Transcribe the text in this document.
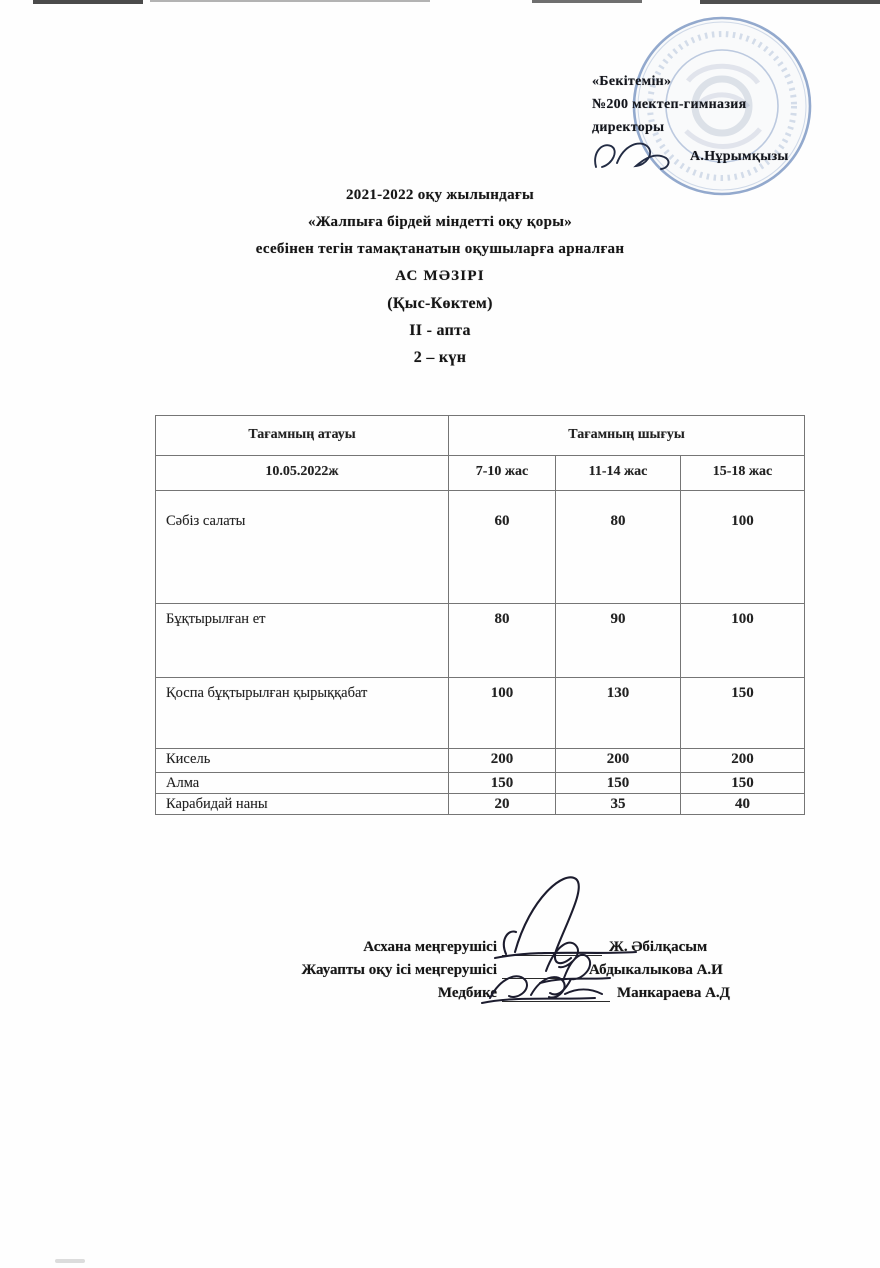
«Бекітемін»
№200 мектеп-гимназия
директоры
А.Нұрымқызы
2021-2022 оқу жылындағы
«Жалпыға бірдей міндетті оқу қоры»
есебінен тегін тамақтанатын оқушыларға арналған
АС МӘЗІРІ
(Қыс-Көктем)
II - апта
2 – күн
Тағамның атауы	Тағамның шығуы		
10.05.2022ж	7-10 жас	11-14 жас	15-18 жас
Сәбіз салаты	60	80	100
Бұқтырылған ет	80	90	100
Қоспа бұқтырылған қырыққабат	100	130	150
Кисель	200	200	200
Алма	150	150	150
Карабидай наны	20	35	40
Асхана меңгерушісі	Ж. Әбілқасым
Жауапты оқу ісі меңгерушісі	Абдыкалыкова А.И
Медбике	Манкараева А.Д
